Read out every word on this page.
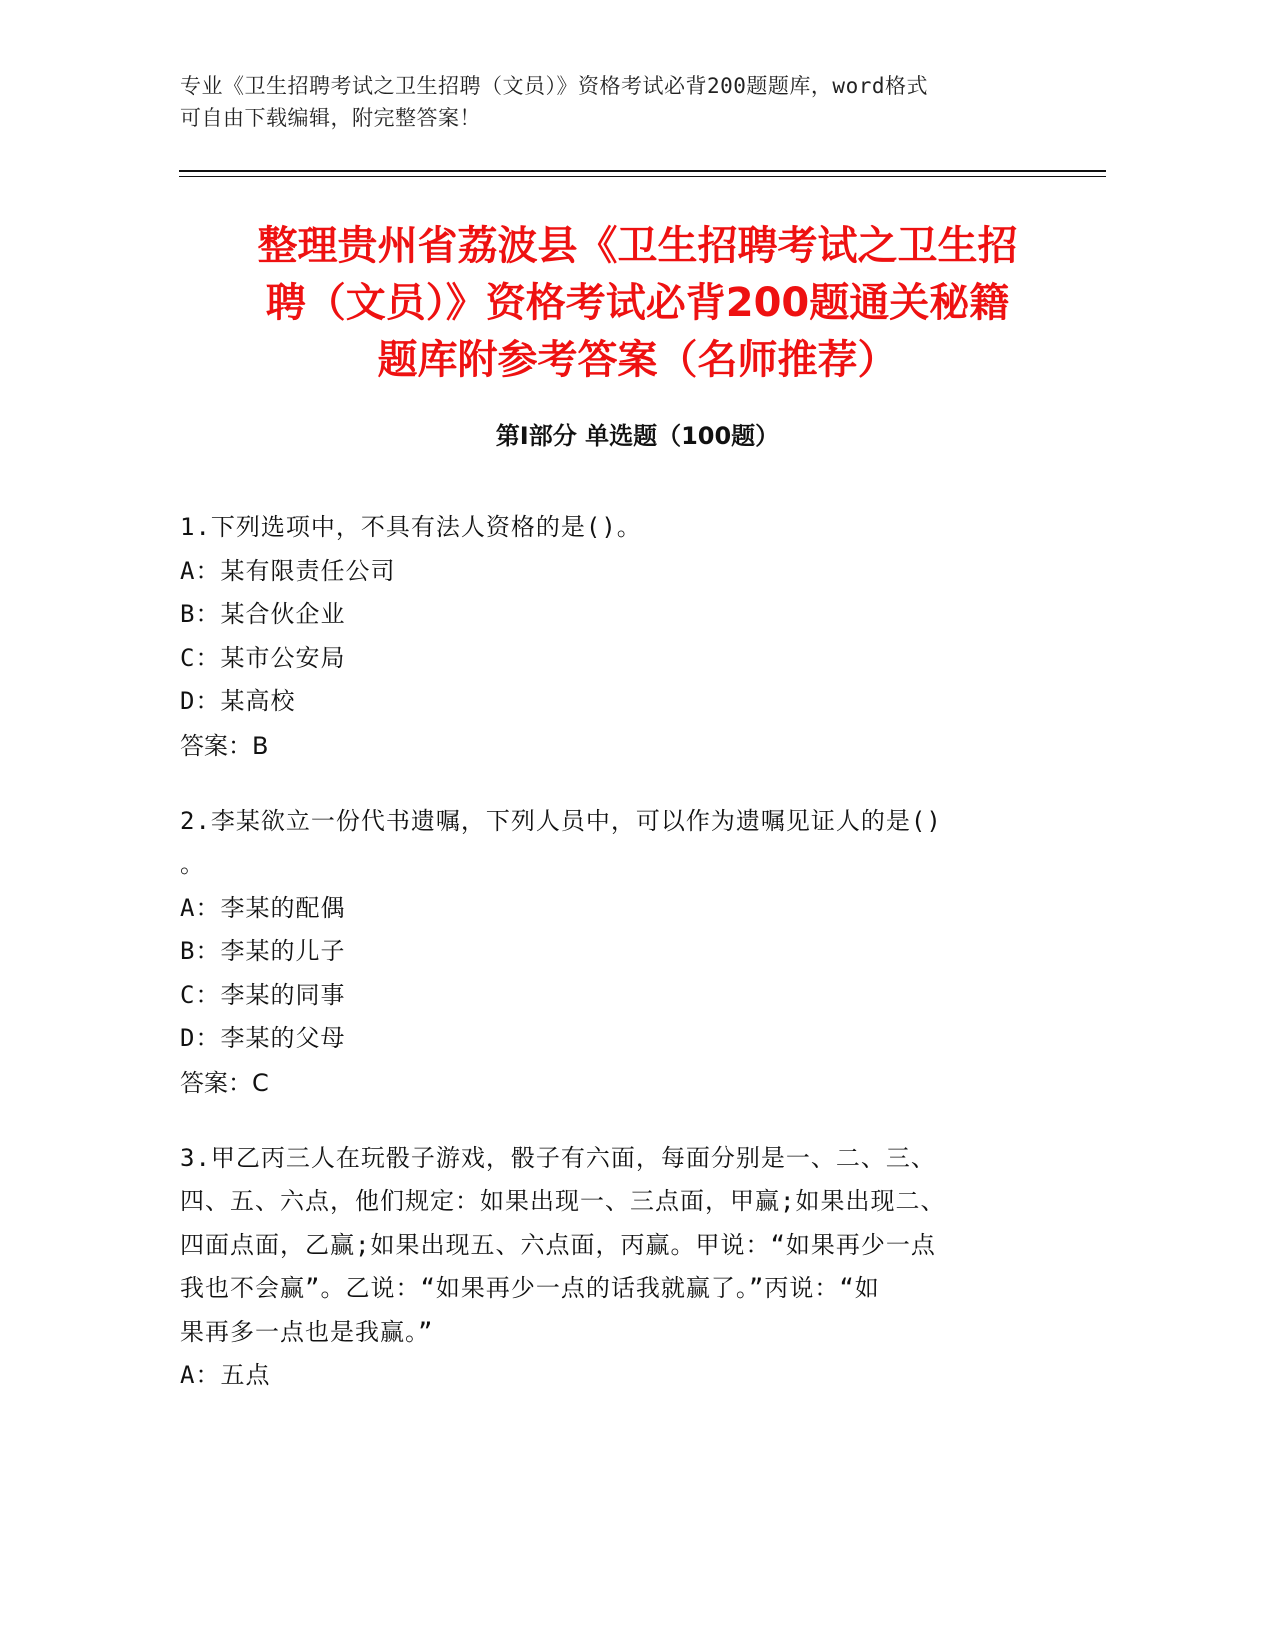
专业《卫生招聘考试之卫生招聘（文员）》资格考试必背200题题库，word格式
可自由下载编辑，附完整答案！
整理贵州省荔波县《卫生招聘考试之卫生招
聘（文员）》资格考试必背200题通关秘籍
题库附参考答案（名师推荐）
第Ⅰ部分 单选题（100题）

1.下列选项中，不具有法人资格的是()。

A：某有限责任公司

B：某合伙企业

C：某市公安局

D：某高校

答案：B

2.李某欲立一份代书遗嘱，下列人员中，可以作为遗嘱见证人的是()

。

A：李某的配偶

B：李某的儿子

C：李某的同事

D：李某的父母

答案：C

3.甲乙丙三人在玩骰子游戏，骰子有六面，每面分别是一、二、三、

四、五、六点，他们规定：如果出现一、三点面，甲赢;如果出现二、

四面点面，乙赢;如果出现五、六点面，丙赢。甲说：“如果再少一点

我也不会赢”。乙说：“如果再少一点的话我就赢了。”丙说：“如

果再多一点也是我赢。”

A：五点
